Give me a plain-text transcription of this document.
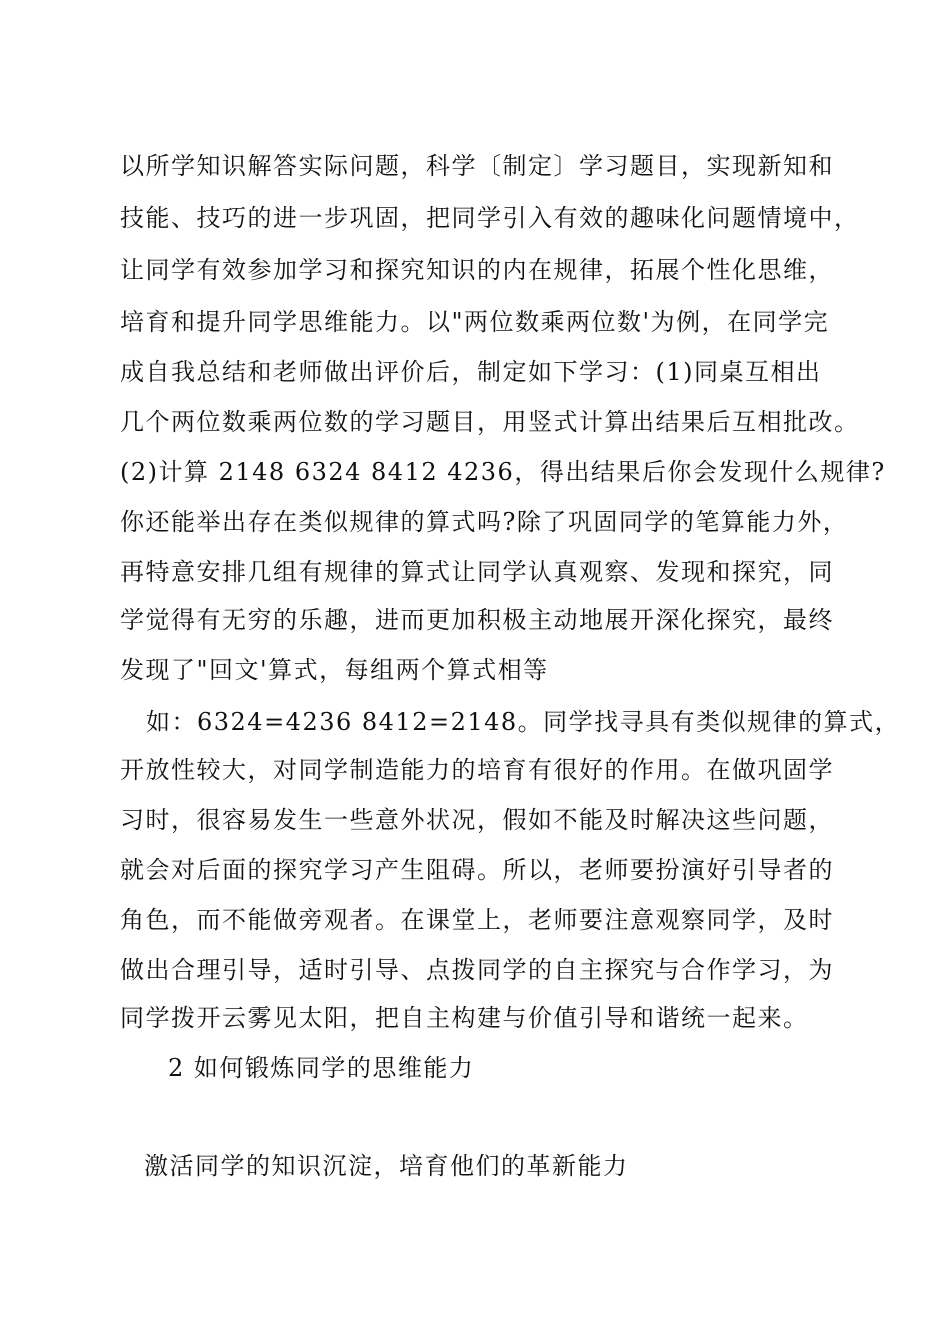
以所学知识解答实际问题，科学〔制定〕学习题目，实现新知和
技能、技巧的进一步巩固，把同学引入有效的趣味化问题情境中，
让同学有效参加学习和探究知识的内在规律，拓展个性化思维，
培育和提升同学思维能力。以"两位数乘两位数'为例，在同学完
成自我总结和老师做出评价后，制定如下学习：(1)同桌互相出
几个两位数乘两位数的学习题目，用竖式计算出结果后互相批改。
(2)计算 2148 6324 8412 4236，得出结果后你会发现什么规律?
你还能举出存在类似规律的算式吗?除了巩固同学的笔算能力外，
再特意安排几组有规律的算式让同学认真观察、发现和探究，同
学觉得有无穷的乐趣，进而更加积极主动地展开深化探究，最终
发现了"回文'算式，每组两个算式相等
如：6324=4236 8412=2148。同学找寻具有类似规律的算式，
开放性较大，对同学制造能力的培育有很好的作用。在做巩固学
习时，很容易发生一些意外状况，假如不能及时解决这些问题，
就会对后面的探究学习产生阻碍。所以，老师要扮演好引导者的
角色，而不能做旁观者。在课堂上，老师要注意观察同学，及时
做出合理引导，适时引导、点拨同学的自主探究与合作学习，为
同学拨开云雾见太阳，把自主构建与价值引导和谐统一起来。
2 如何锻炼同学的思维能力
激活同学的知识沉淀，培育他们的革新能力
